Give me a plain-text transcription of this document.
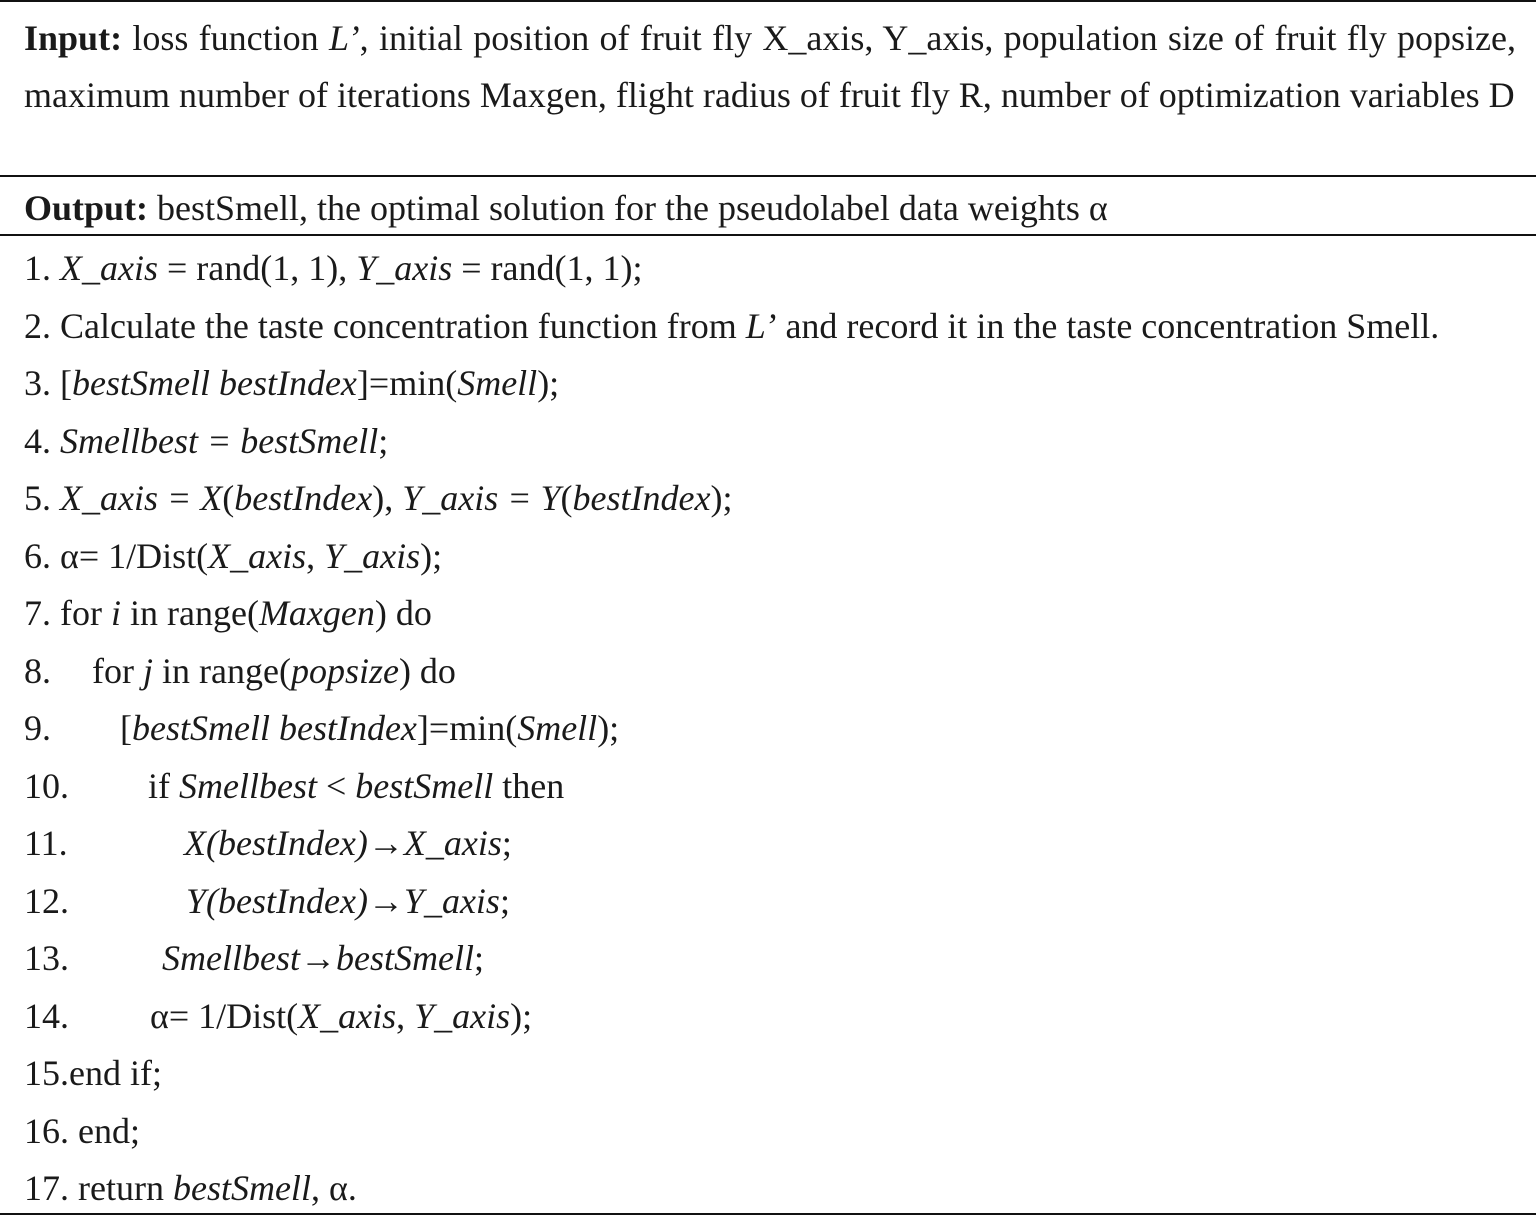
Input: loss function L’, initial position of fruit fly X_axis, Y_axis, population size of fruit fly popsize, maximum number of iterations Maxgen, flight radius of fruit fly R, number of optimization variables D
Output: bestSmell, the optimal solution for the pseudolabel data weights α
1. X_axis = rand(1, 1), Y_axis = rand(1, 1);
2. Calculate the taste concentration function from L’ and record it in the taste concentration Smell.
3. [bestSmell bestIndex]=min(Smell);
4. Smellbest = bestSmell;
5. X_axis = X(bestIndex), Y_axis = Y(bestIndex);
6. α= 1/Dist(X_axis, Y_axis);
7. for i in range(Maxgen) do
8. for j in range(popsize) do
9. [bestSmell bestIndex]=min(Smell);
10. if Smellbest < bestSmell then
11.	X(bestIndex)→X_axis;
12.	Y(bestIndex)→Y_axis;
13.	Smellbest→bestSmell;
14. α= 1/Dist(X_axis, Y_axis);
15.end if;
16. end;
17. return bestSmell, α.
